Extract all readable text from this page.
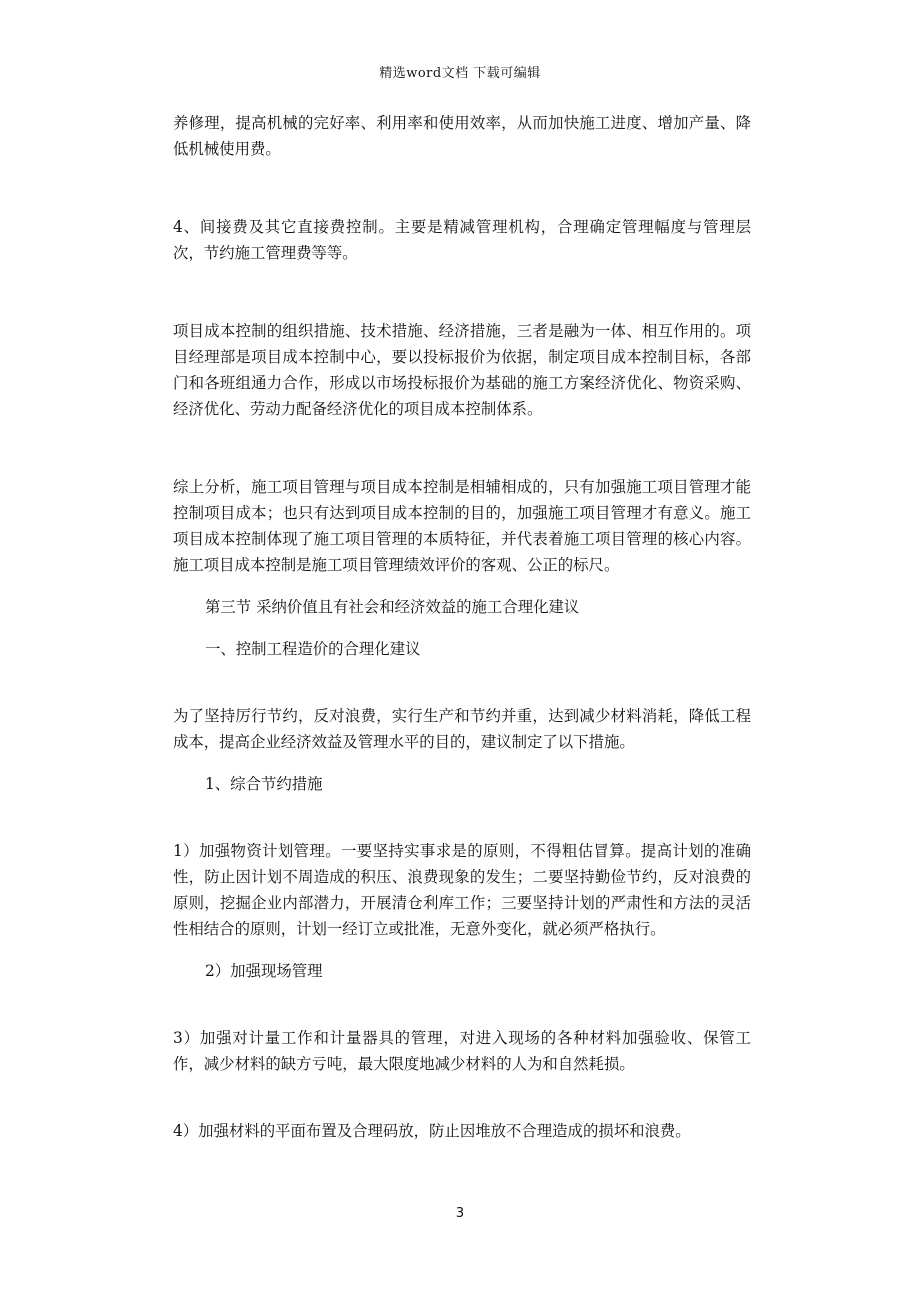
精选word文档 下载可编辑

养修理，提高机械的完好率、利用率和使用效率，从而加快施工进度、增加产量、降低机械使用费。

4、间接费及其它直接费控制。主要是精减管理机构，合理确定管理幅度与管理层次，节约施工管理费等等。

项目成本控制的组织措施、技术措施、经济措施，三者是融为一体、相互作用的。项目经理部是项目成本控制中心，要以投标报价为依据，制定项目成本控制目标，各部门和各班组通力合作，形成以市场投标报价为基础的施工方案经济优化、物资采购、经济优化、劳动力配备经济优化的项目成本控制体系。

综上分析，施工项目管理与项目成本控制是相辅相成的，只有加强施工项目管理才能控制项目成本；也只有达到项目成本控制的目的，加强施工项目管理才有意义。施工项目成本控制体现了施工项目管理的本质特征，并代表着施工项目管理的核心内容。施工项目成本控制是施工项目管理绩效评价的客观、公正的标尺。

第三节 采纳价值且有社会和经济效益的施工合理化建议

一、控制工程造价的合理化建议

为了坚持厉行节约，反对浪费，实行生产和节约并重，达到减少材料消耗，降低工程成本，提高企业经济效益及管理水平的目的，建议制定了以下措施。

1、综合节约措施

1）加强物资计划管理。一要坚持实事求是的原则，不得粗估冒算。提高计划的准确性，防止因计划不周造成的积压、浪费现象的发生；二要坚持勤俭节约，反对浪费的原则，挖掘企业内部潜力，开展清仓利库工作；三要坚持计划的严肃性和方法的灵活性相结合的原则，计划一经订立或批准，无意外变化，就必须严格执行。

2）加强现场管理

3）加强对计量工作和计量器具的管理，对进入现场的各种材料加强验收、保管工作，减少材料的缺方亏吨，最大限度地减少材料的人为和自然耗损。

4）加强材料的平面布置及合理码放，防止因堆放不合理造成的损坏和浪费。

3
